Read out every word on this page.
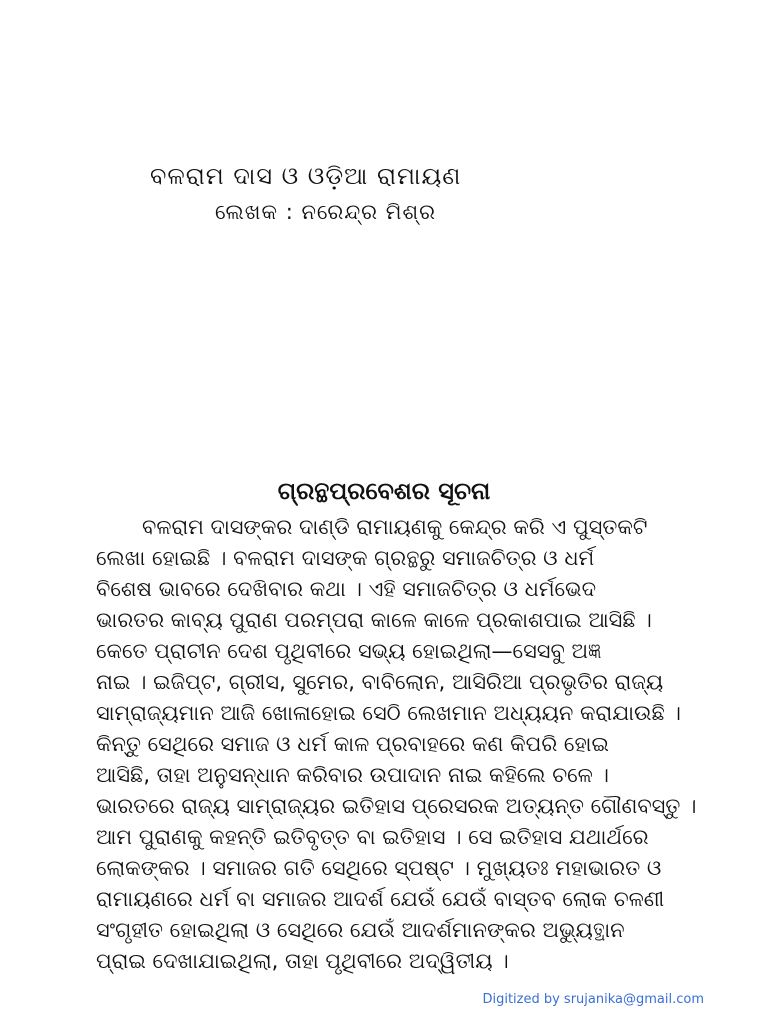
ବଳରାମ ଦାସ ଓ ଓଡ଼ିଆ ରାମାୟଣ
ଲେଖକ : ନରେନ୍ଦ୍ର ମିଶ୍ର
ଗ୍ରନ୍ଥପ୍ରବେଶର ସୂଚନା
ବଳରାମ ଦାସଙ୍କର ଦାଣ୍ଡି ରାମାୟଣକୁ କେନ୍ଦ୍ର କରି ଏ ପୁସ୍ତକଟି
ଲେଖା ହୋଇଛି । ବଳରାମ ଦାସଙ୍କ ଗ୍ରନ୍ଥରୁ ସମାଜଚିତ୍ର ଓ ଧର୍ମ
ବିଶେଷ ଭାବରେ ଦେଖିବାର କଥା । ଏହି ସମାଜଚିତ୍ର ଓ ଧର୍ମଭେଦ
ଭାରତର କାବ୍ୟ ପୁରାଣ ପରମ୍ପରା କାଳେ କାଳେ ପ୍ରକାଶପାଇ ଆସିଛି ।
କେତେ ପ୍ରାଚୀନ ଦେଶ ପୃଥିବୀରେ ସଭ୍ୟ ହୋଇଥିଲା—ସେସବୁ ଅଜ୍ଞ
ନାଇ । ଇଜିପ୍ଟ, ଗ୍ରୀସ, ସୁମେର, ବାବିଲୋନ, ଆସିରିଆ ପ୍ରଭୃତିର ରାଜ୍ୟ
ସାମ୍ରାଜ୍ୟମାନ ଆଜି ଖୋଳାହୋଇ ସେଠି ଲେଖମାନ ଅଧ୍ୟୟନ କରାଯାଉଛି ।
କିନ୍ତୁ ସେଥିରେ ସମାଜ ଓ ଧର୍ମ କାଳ ପ୍ରବାହରେ କଣ କିପରି ହୋଇ
ଆସିଛି, ତାହା ଅନୁସନ୍ଧାନ କରିବାର ଉପାଦାନ ନାଇ କହିଲେ ଚଳେ ।
ଭାରତରେ ରାଜ୍ୟ ସାମ୍ରାଜ୍ୟର ଇତିହାସ ପ୍ରେସରକ ଅତ୍ୟନ୍ତ ଗୌଣବସ୍ତୁ ।
ଆମ ପୁରାଣକୁ କହନ୍ତି ଇତିବୃତ୍ତ ବା ଇତିହାସ । ସେ ଇତିହାସ ଯଥାର୍ଥରେ
ଲୋକଙ୍କର । ସମାଜର ଗତି ସେଥିରେ ସ୍ପଷ୍ଟ । ମୁଖ୍ୟତଃ ମହାଭାରତ ଓ
ରାମାୟଣରେ ଧର୍ମ ବା ସମାଜର ଆଦର୍ଶ ଯେଉଁ ଯେଉଁ ବାସ୍ତବ ଲୋକ ଚଳଣୀ
ସଂଗୃହୀତ ହୋଇଥିଲା ଓ ସେଥିରେ ଯେଉଁ ଆଦର୍ଶମାନଙ୍କର ଅଭ୍ୟୁତ୍ଥାନ
ପ୍ରାଇ ଦେଖାଯାଇଥିଲା, ତାହା ପୃଥିବୀରେ ଅଦ୍ୱିତୀୟ ।
Digitized by srujanika@gmail.com
